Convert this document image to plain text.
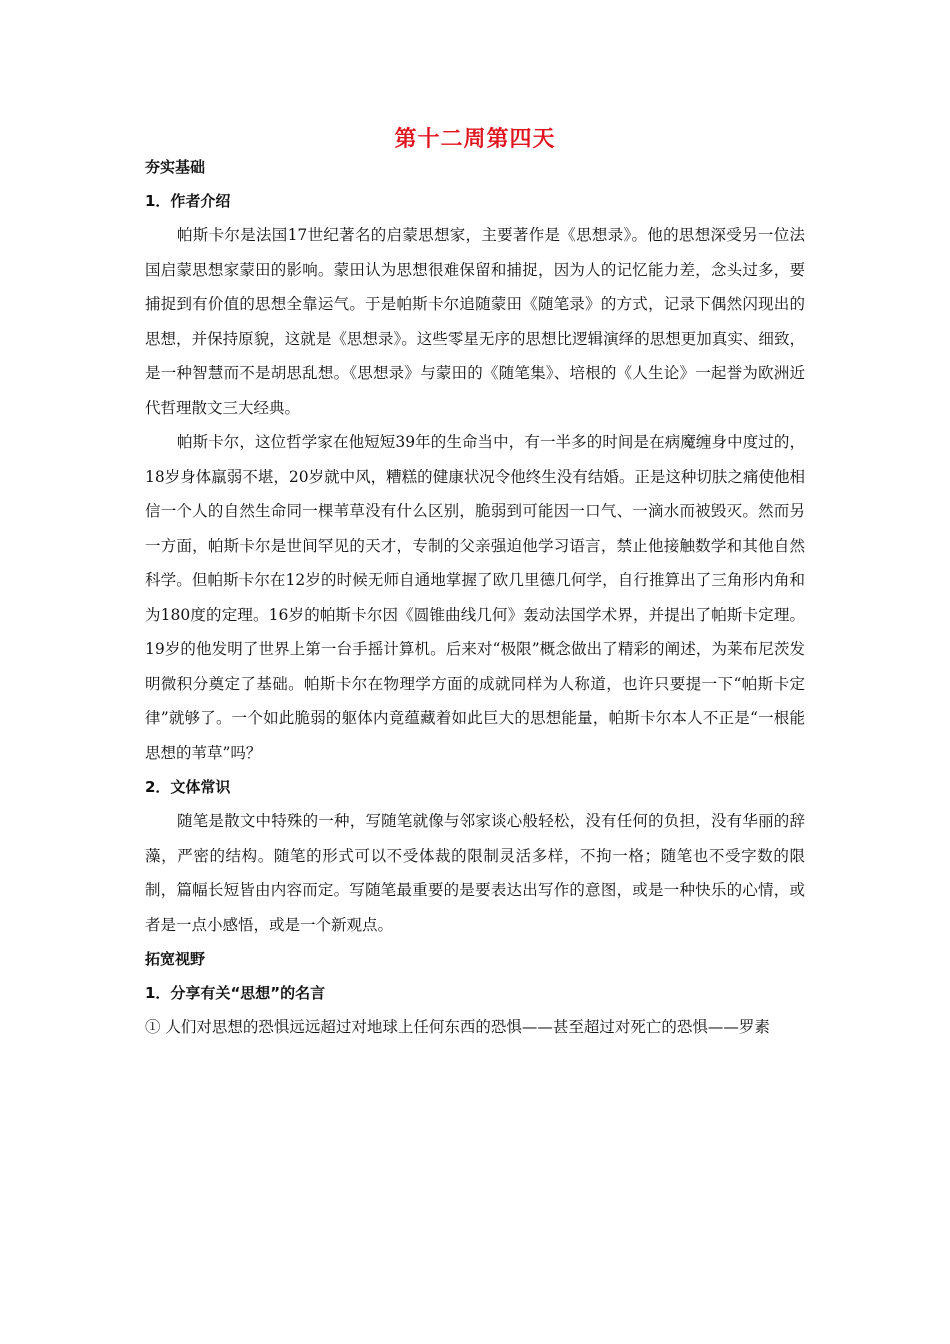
第十二周第四天
夯实基础
1．作者介绍

帕斯卡尔是法国17世纪著名的启蒙思想家，主要著作是《思想录》。他的思想深受另一位法国启蒙思想家蒙田的影响。蒙田认为思想很难保留和捕捉，因为人的记忆能力差，念头过多，要捕捉到有价值的思想全靠运气。于是帕斯卡尔追随蒙田《随笔录》的方式，记录下偶然闪现出的思想，并保持原貌，这就是《思想录》。这些零星无序的思想比逻辑演绎的思想更加真实、细致，是一种智慧而不是胡思乱想。《思想录》与蒙田的《随笔集》、培根的《人生论》一起誉为欧洲近代哲理散文三大经典。

帕斯卡尔，这位哲学家在他短短39年的生命当中，有一半多的时间是在病魔缠身中度过的，18岁身体羸弱不堪，20岁就中风，糟糕的健康状况令他终生没有结婚。正是这种切肤之痛使他相信一个人的自然生命同一棵苇草没有什么区别，脆弱到可能因一口气、一滴水而被毁灭。然而另一方面，帕斯卡尔是世间罕见的天才，专制的父亲强迫他学习语言，禁止他接触数学和其他自然科学。但帕斯卡尔在12岁的时候无师自通地掌握了欧几里德几何学，自行推算出了三角形内角和为180度的定理。16岁的帕斯卡尔因《圆锥曲线几何》轰动法国学术界，并提出了帕斯卡定理。19岁的他发明了世界上第一台手摇计算机。后来对“极限”概念做出了精彩的阐述，为莱布尼茨发明微积分奠定了基础。帕斯卡尔在物理学方面的成就同样为人称道，也许只要提一下“帕斯卡定律”就够了。一个如此脆弱的躯体内竟蕴藏着如此巨大的思想能量，帕斯卡尔本人不正是“一根能思想的苇草”吗？

2．文体常识

随笔是散文中特殊的一种，写随笔就像与邻家谈心般轻松，没有任何的负担，没有华丽的辞藻，严密的结构。随笔的形式可以不受体裁的限制灵活多样，不拘一格；随笔也不受字数的限制，篇幅长短皆由内容而定。写随笔最重要的是要表达出写作的意图，或是一种快乐的心情，或者是一点小感悟，或是一个新观点。

拓宽视野
1．分享有关“思想”的名言

① 人们对思想的恐惧远远超过对地球上任何东西的恐惧——甚至超过对死亡的恐惧——罗素
